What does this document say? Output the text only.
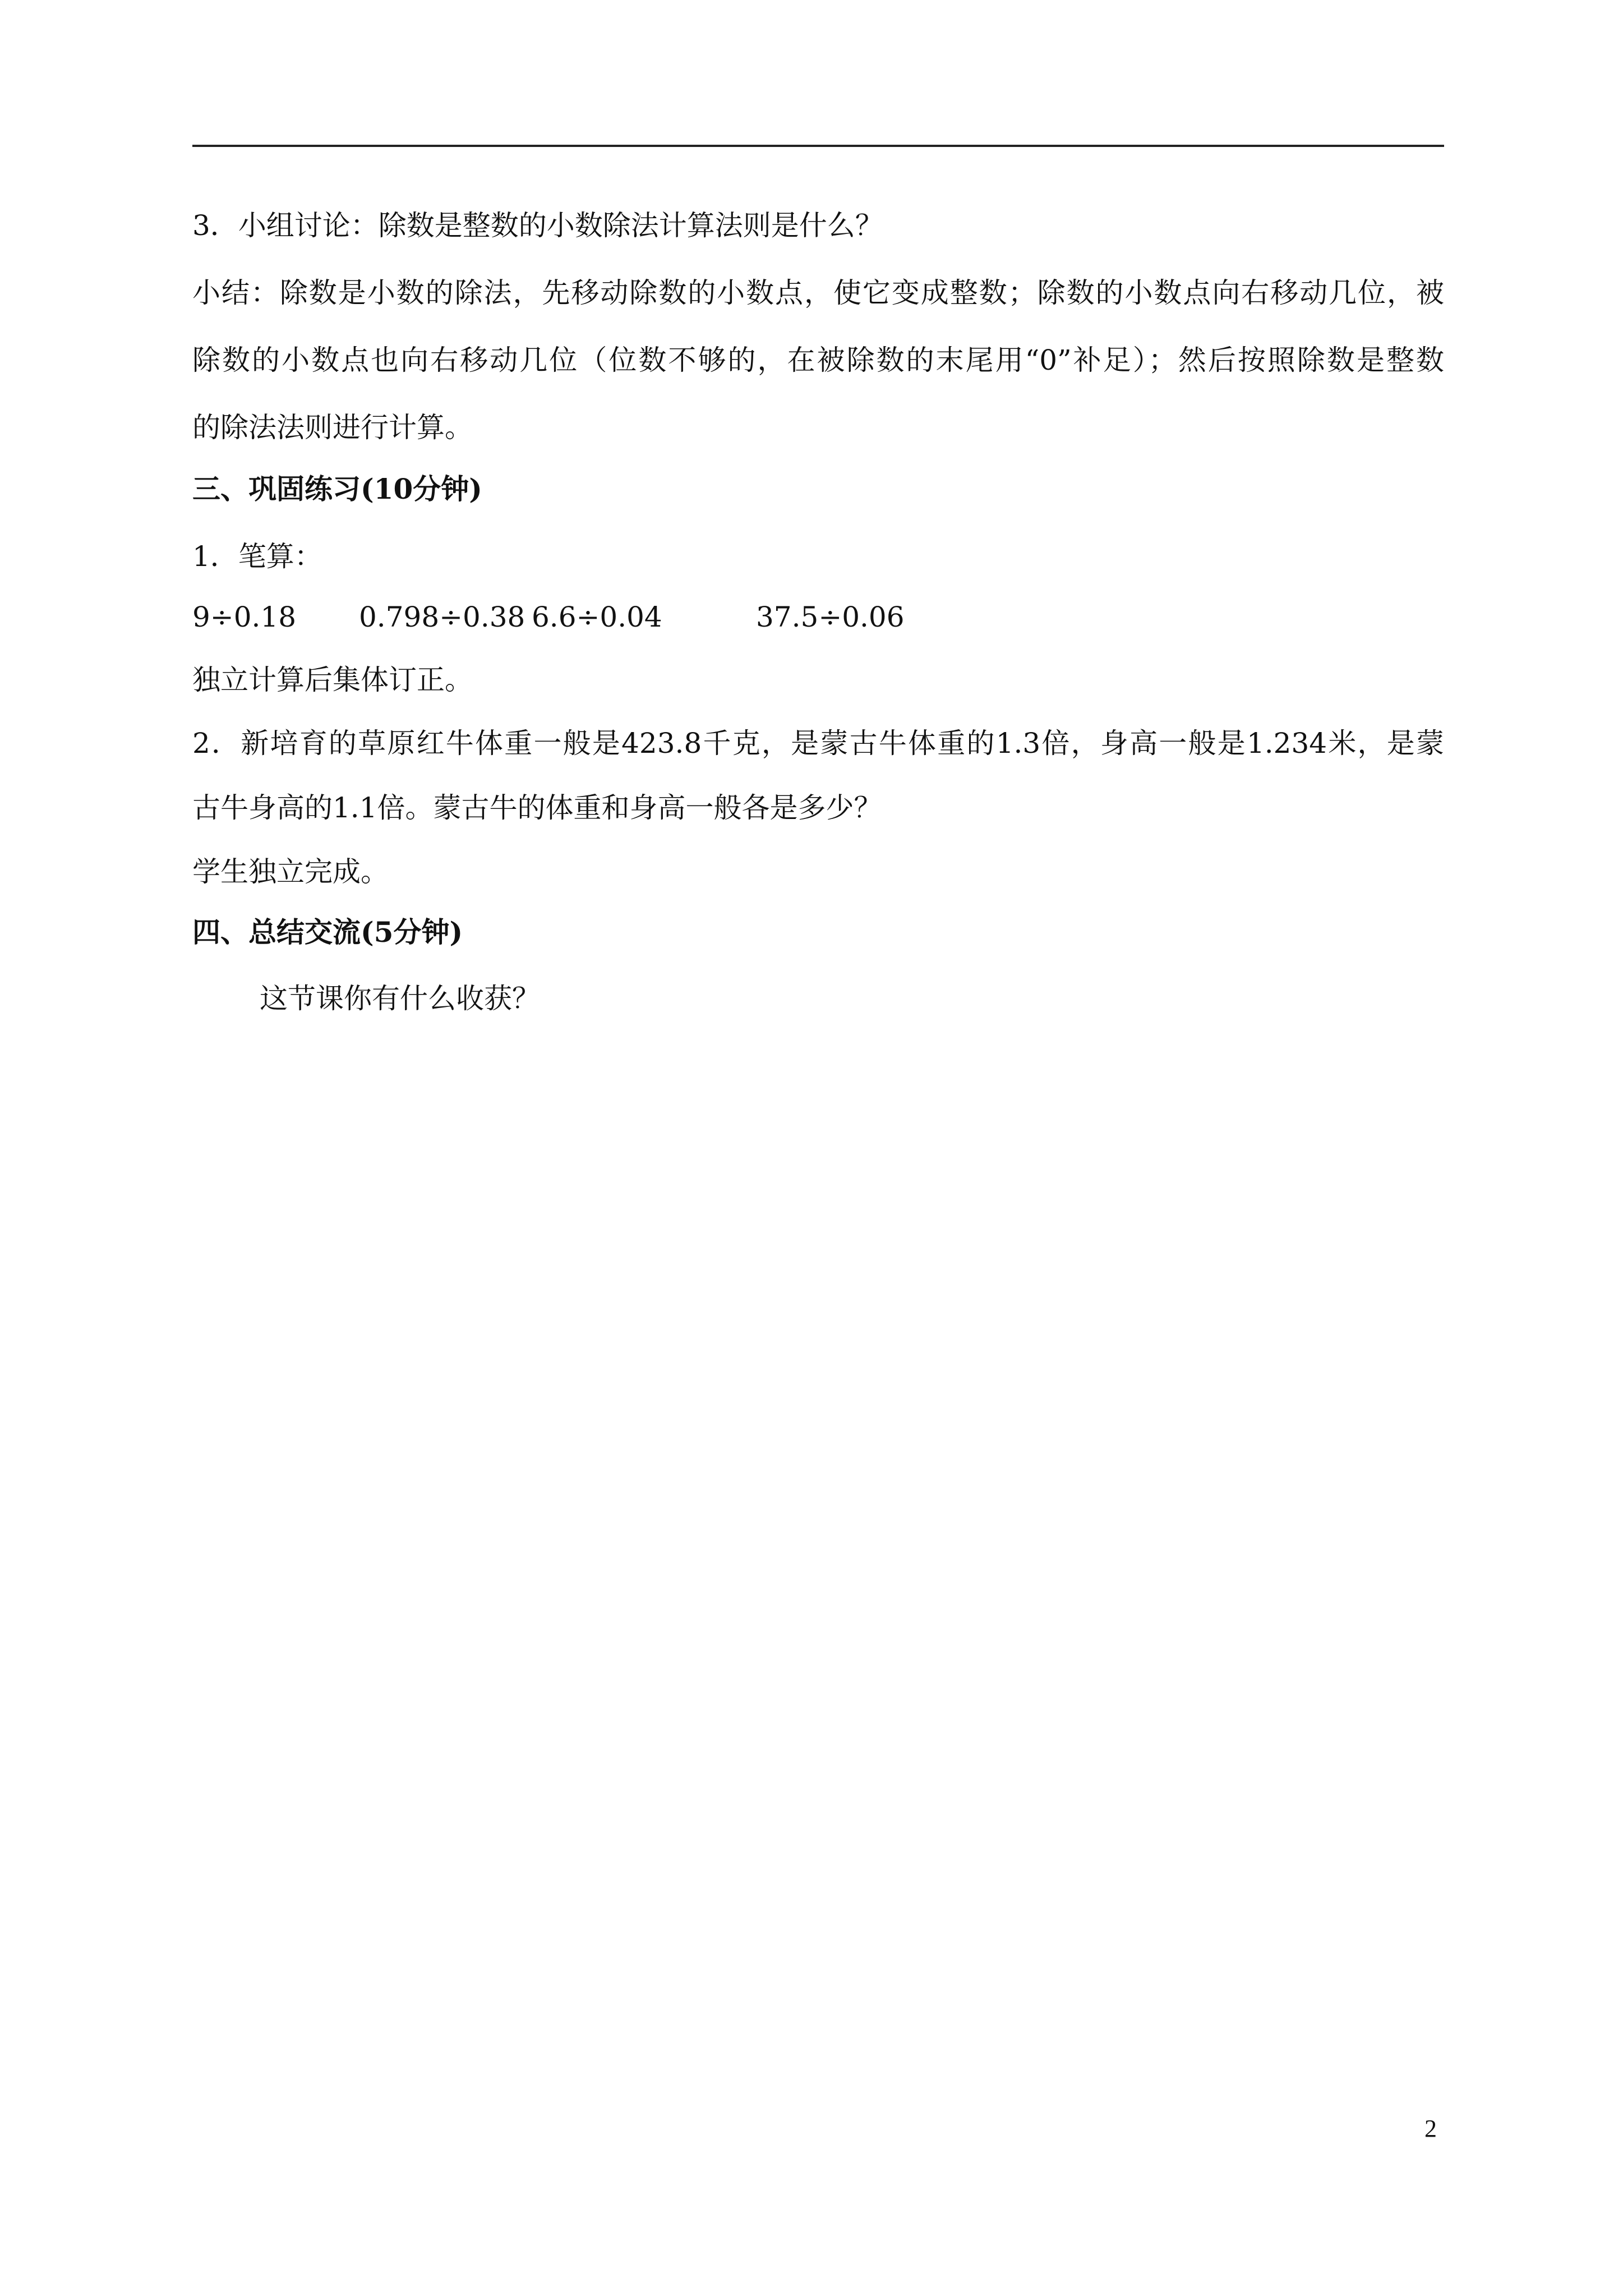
3．小组讨论：除数是整数的小数除法计算法则是什么？
小结：除数是小数的除法，先移动除数的小数点，使它变成整数；除数的小数点向右移动几位，被
除数的小数点也向右移动几位（位数不够的，在被除数的末尾用“0”补足）；然后按照除数是整数
的除法法则进行计算。
三、巩固练习(10分钟)
1．笔算：
9÷0.18 0.798÷0.38 6.6÷0.04	37.5÷0.06
独立计算后集体订正。
2．新培育的草原红牛体重一般是423.8千克，是蒙古牛体重的1.3倍，身高一般是1.234米，是蒙
古牛身高的1.1倍。蒙古牛的体重和身高一般各是多少？
学生独立完成。
四、总结交流(5分钟)
这节课你有什么收获？
2
